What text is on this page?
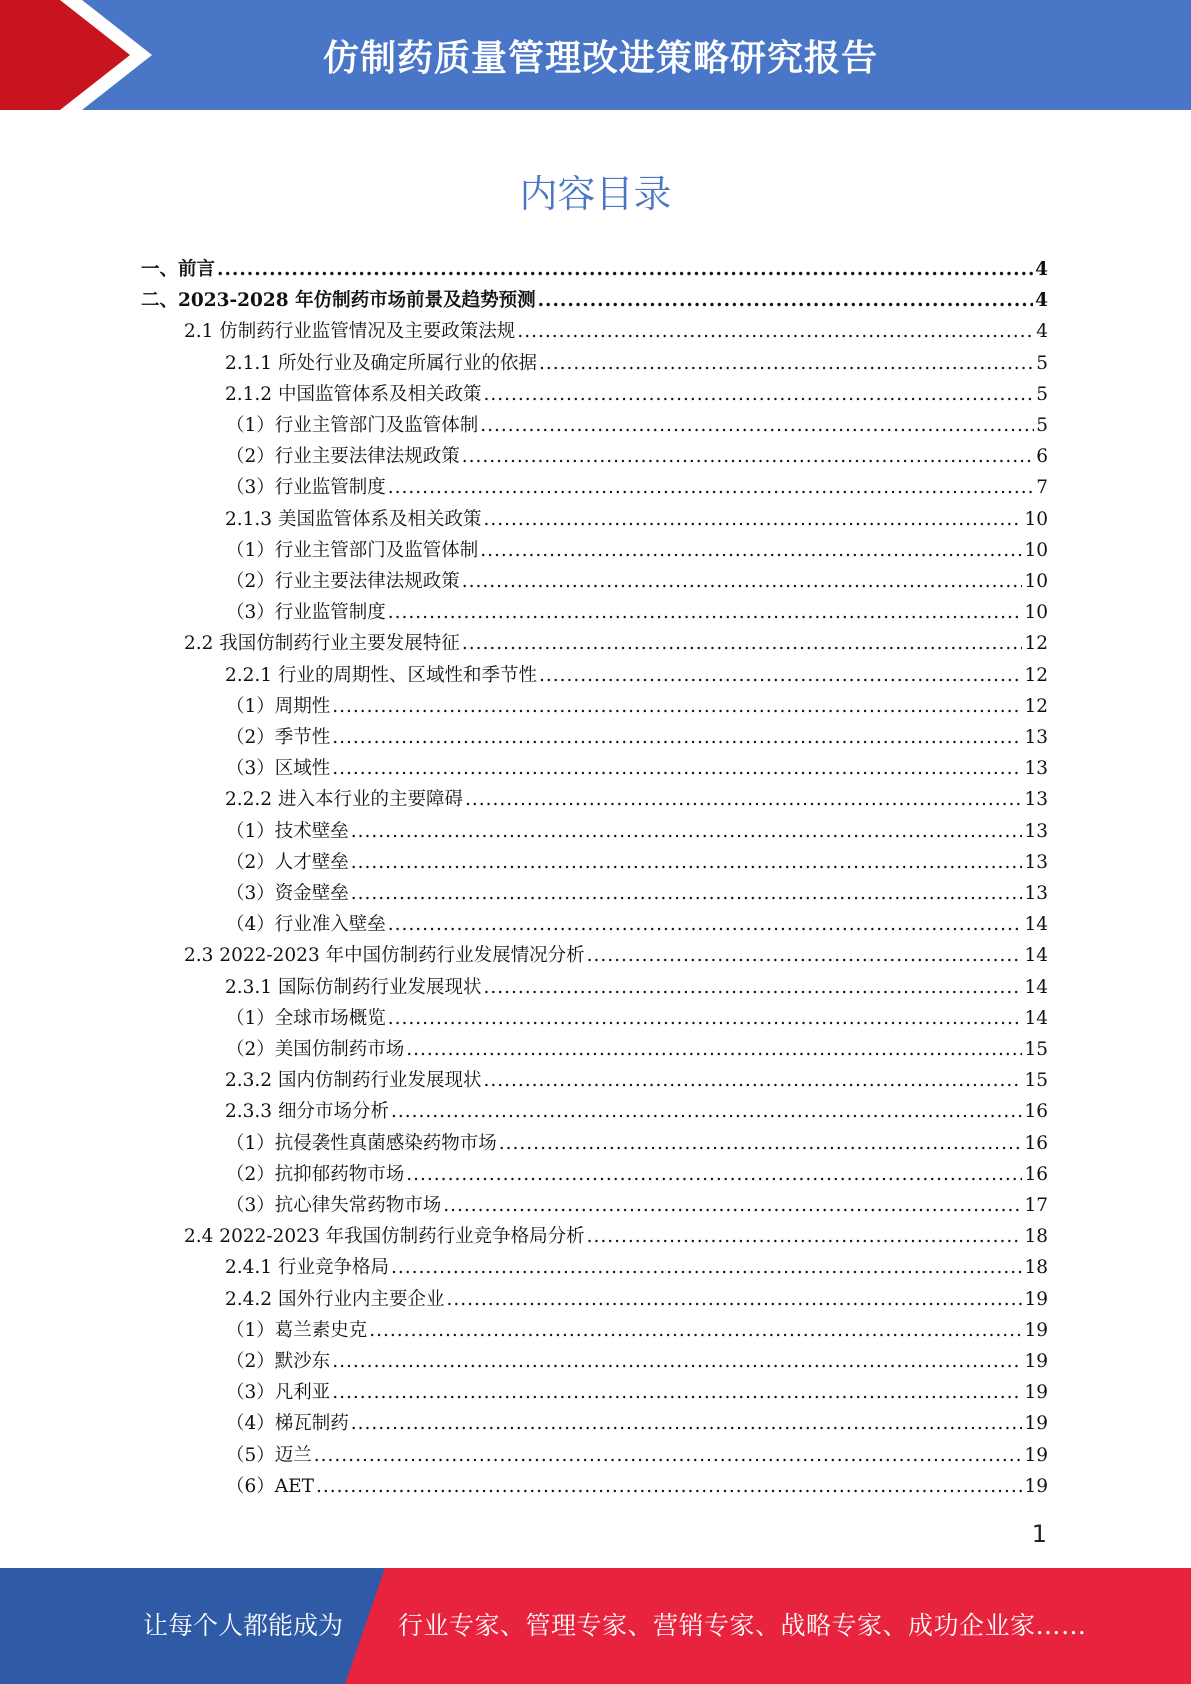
仿制药质量管理改进策略研究报告
内容目录
一、前言 .....	4
二、2023-2028 年仿制药市场前景及趋势预测 .....	4
2.1 仿制药行业监管情况及主要政策法规 .....	4
2.1.1 所处行业及确定所属行业的依据 .....	5
2.1.2 中国监管体系及相关政策 .....	5
（1）行业主管部门及监管体制 .....	5
（2）行业主要法律法规政策 .....	6
（3）行业监管制度 .....	7
2.1.3 美国监管体系及相关政策 .....	10
（1）行业主管部门及监管体制 .....	10
（2）行业主要法律法规政策 .....	10
（3）行业监管制度 .....	10
2.2 我国仿制药行业主要发展特征 .....	12
2.2.1 行业的周期性、区域性和季节性 .....	12
（1）周期性 .....	12
（2）季节性 .....	13
（3）区域性 .....	13
2.2.2 进入本行业的主要障碍 .....	13
（1）技术壁垒 .....	13
（2）人才壁垒 .....	13
（3）资金壁垒 .....	13
（4）行业准入壁垒 .....	14
2.3 2022-2023 年中国仿制药行业发展情况分析 .....	14
2.3.1 国际仿制药行业发展现状 .....	14
（1）全球市场概览 .....	14
（2）美国仿制药市场 .....	15
2.3.2 国内仿制药行业发展现状 .....	15
2.3.3 细分市场分析 .....	16
（1）抗侵袭性真菌感染药物市场 .....	16
（2）抗抑郁药物市场 .....	16
（3）抗心律失常药物市场 .....	17
2.4 2022-2023 年我国仿制药行业竞争格局分析 .....	18
2.4.1 行业竞争格局 .....	18
2.4.2 国外行业内主要企业 .....	19
（1）葛兰素史克 .....	19
（2）默沙东 .....	19
（3）凡利亚 .....	19
（4）梯瓦制药 .....	19
（5）迈兰 .....	19
（6）AET .....	19
1
让每个人都能成为 行业专家、管理专家、营销专家、战略专家、成功企业家……
